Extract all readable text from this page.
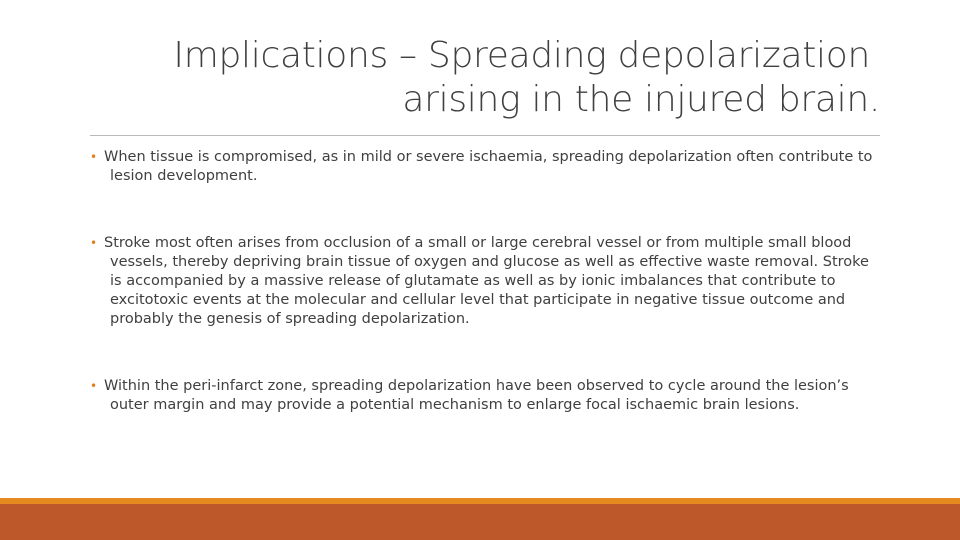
Implications – Spreading depolarization
arising in the injured brain.
• When tissue is compromised, as in mild or severe ischaemia, spreading depolarization often contribute to lesion development.
• Stroke most often arises from occlusion of a small or large cerebral vessel or from multiple small blood vessels, thereby depriving brain tissue of oxygen and glucose as well as effective waste removal. Stroke is accompanied by a massive release of glutamate as well as by ionic imbalances that contribute to excitotoxic events at the molecular and cellular level that participate in negative tissue outcome and probably the genesis of spreading depolarization.
• Within the peri-infarct zone, spreading depolarization have been observed to cycle around the lesion’s outer margin and may provide a potential mechanism to enlarge focal ischaemic brain lesions.
